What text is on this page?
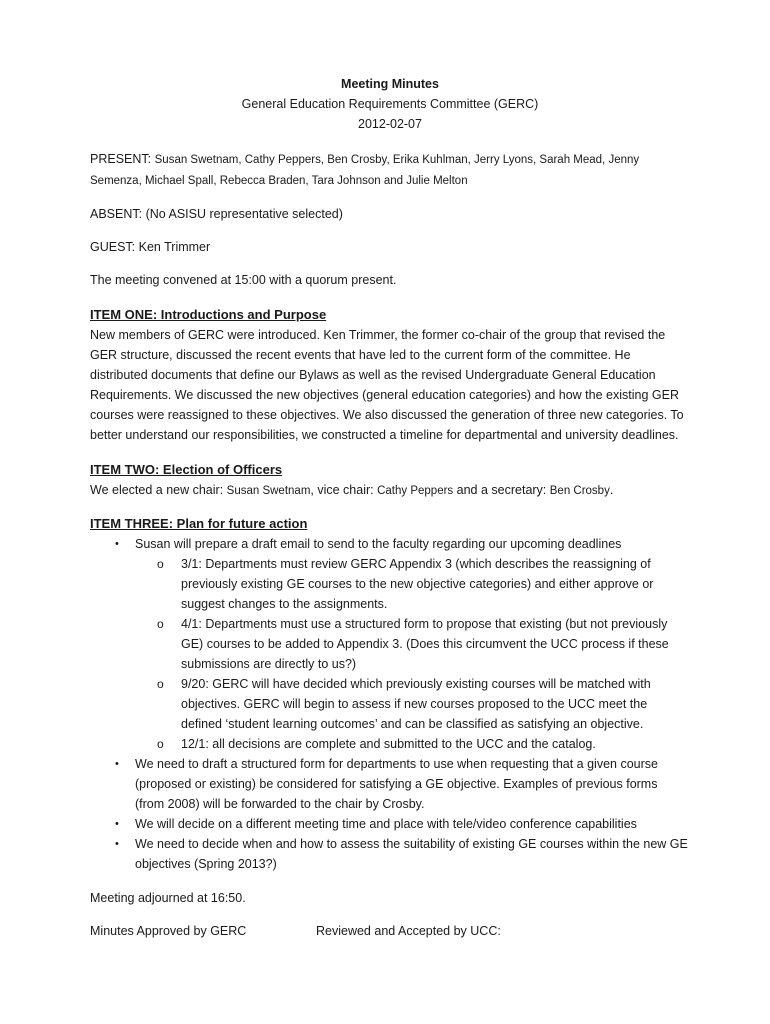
Meeting Minutes
General Education Requirements Committee (GERC)
2012-02-07

PRESENT: Susan Swetnam, Cathy Peppers, Ben Crosby, Erika Kuhlman, Jerry Lyons, Sarah Mead, Jenny Semenza, Michael Spall, Rebecca Braden, Tara Johnson and Julie Melton

ABSENT: (No ASISU representative selected)

GUEST: Ken Trimmer

The meeting convened at 15:00 with a quorum present.

ITEM ONE: Introductions and Purpose

New members of GERC were introduced. Ken Trimmer, the former co-chair of the group that revised the GER structure, discussed the recent events that have led to the current form of the committee. He distributed documents that define our Bylaws as well as the revised Undergraduate General Education Requirements. We discussed the new objectives (general education categories) and how the existing GER courses were reassigned to these objectives. We also discussed the generation of three new categories. To better understand our responsibilities, we constructed a timeline for departmental and university deadlines.

ITEM TWO: Election of Officers

We elected a new chair: Susan Swetnam, vice chair: Cathy Peppers and a secretary: Ben Crosby.

ITEM THREE: Plan for future action
• Susan will prepare a draft email to send to the faculty regarding our upcoming deadlines
o 3/1: Departments must review GERC Appendix 3 (which describes the reassigning of previously existing GE courses to the new objective categories) and either approve or suggest changes to the assignments.
o 4/1: Departments must use a structured form to propose that existing (but not previously GE) courses to be added to Appendix 3. (Does this circumvent the UCC process if these submissions are directly to us?)
o 9/20: GERC will have decided which previously existing courses will be matched with objectives. GERC will begin to assess if new courses proposed to the UCC meet the defined ‘student learning outcomes’ and can be classified as satisfying an objective.
o 12/1: all decisions are complete and submitted to the UCC and the catalog.
• We need to draft a structured form for departments to use when requesting that a given course (proposed or existing) be considered for satisfying a GE objective. Examples of previous forms (from 2008) will be forwarded to the chair by Crosby.
• We will decide on a different meeting time and place with tele/video conference capabilities
• We need to decide when and how to assess the suitability of existing GE courses within the new GE objectives (Spring 2013?)

Meeting adjourned at 16:50.

Minutes Approved by GERC	Reviewed and Accepted by UCC:
